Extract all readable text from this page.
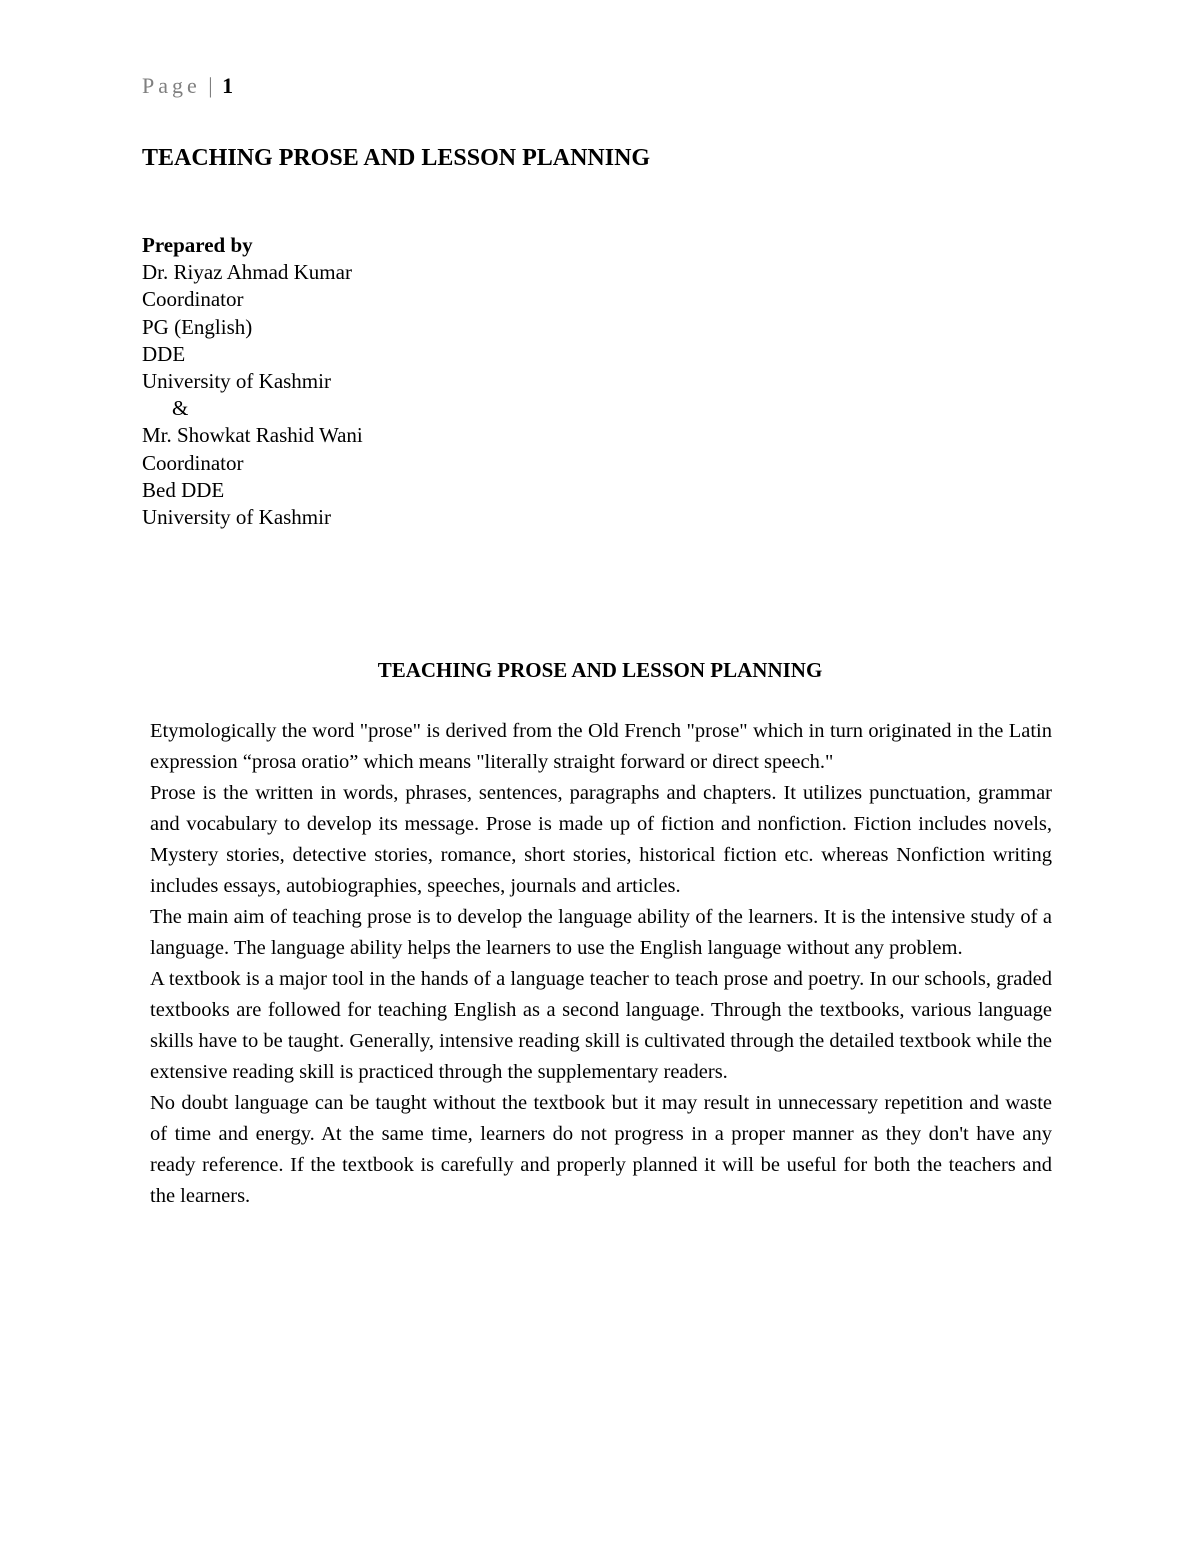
Page | 1
TEACHING PROSE AND LESSON PLANNING
Prepared by
Dr. Riyaz Ahmad Kumar
Coordinator
PG (English)
DDE
University of Kashmir
&
Mr. Showkat Rashid Wani
Coordinator
Bed DDE
University of Kashmir
TEACHING PROSE AND LESSON PLANNING

Etymologically the word "prose" is derived from the Old French "prose" which in turn originated in the Latin expression “prosa oratio” which means "literally straight forward or direct speech."

Prose is the written in words, phrases, sentences, paragraphs and chapters. It utilizes punctuation, grammar and vocabulary to develop its message. Prose is made up of fiction and nonfiction. Fiction includes novels, Mystery stories, detective stories, romance, short stories, historical fiction etc. whereas Nonfiction writing includes essays, autobiographies, speeches, journals and articles.

The main aim of teaching prose is to develop the language ability of the learners. It is the intensive study of a language. The language ability helps the learners to use the English language without any problem.

A textbook is a major tool in the hands of a language teacher to teach prose and poetry. In our schools, graded textbooks are followed for teaching English as a second language. Through the textbooks, various language skills have to be taught. Generally, intensive reading skill is cultivated through the detailed textbook while the extensive reading skill is practiced through the supplementary readers.

No doubt language can be taught without the textbook but it may result in unnecessary repetition and waste of time and energy. At the same time, learners do not progress in a proper manner as they don't have any ready reference. If the textbook is carefully and properly planned it will be useful for both the teachers and the learners.
